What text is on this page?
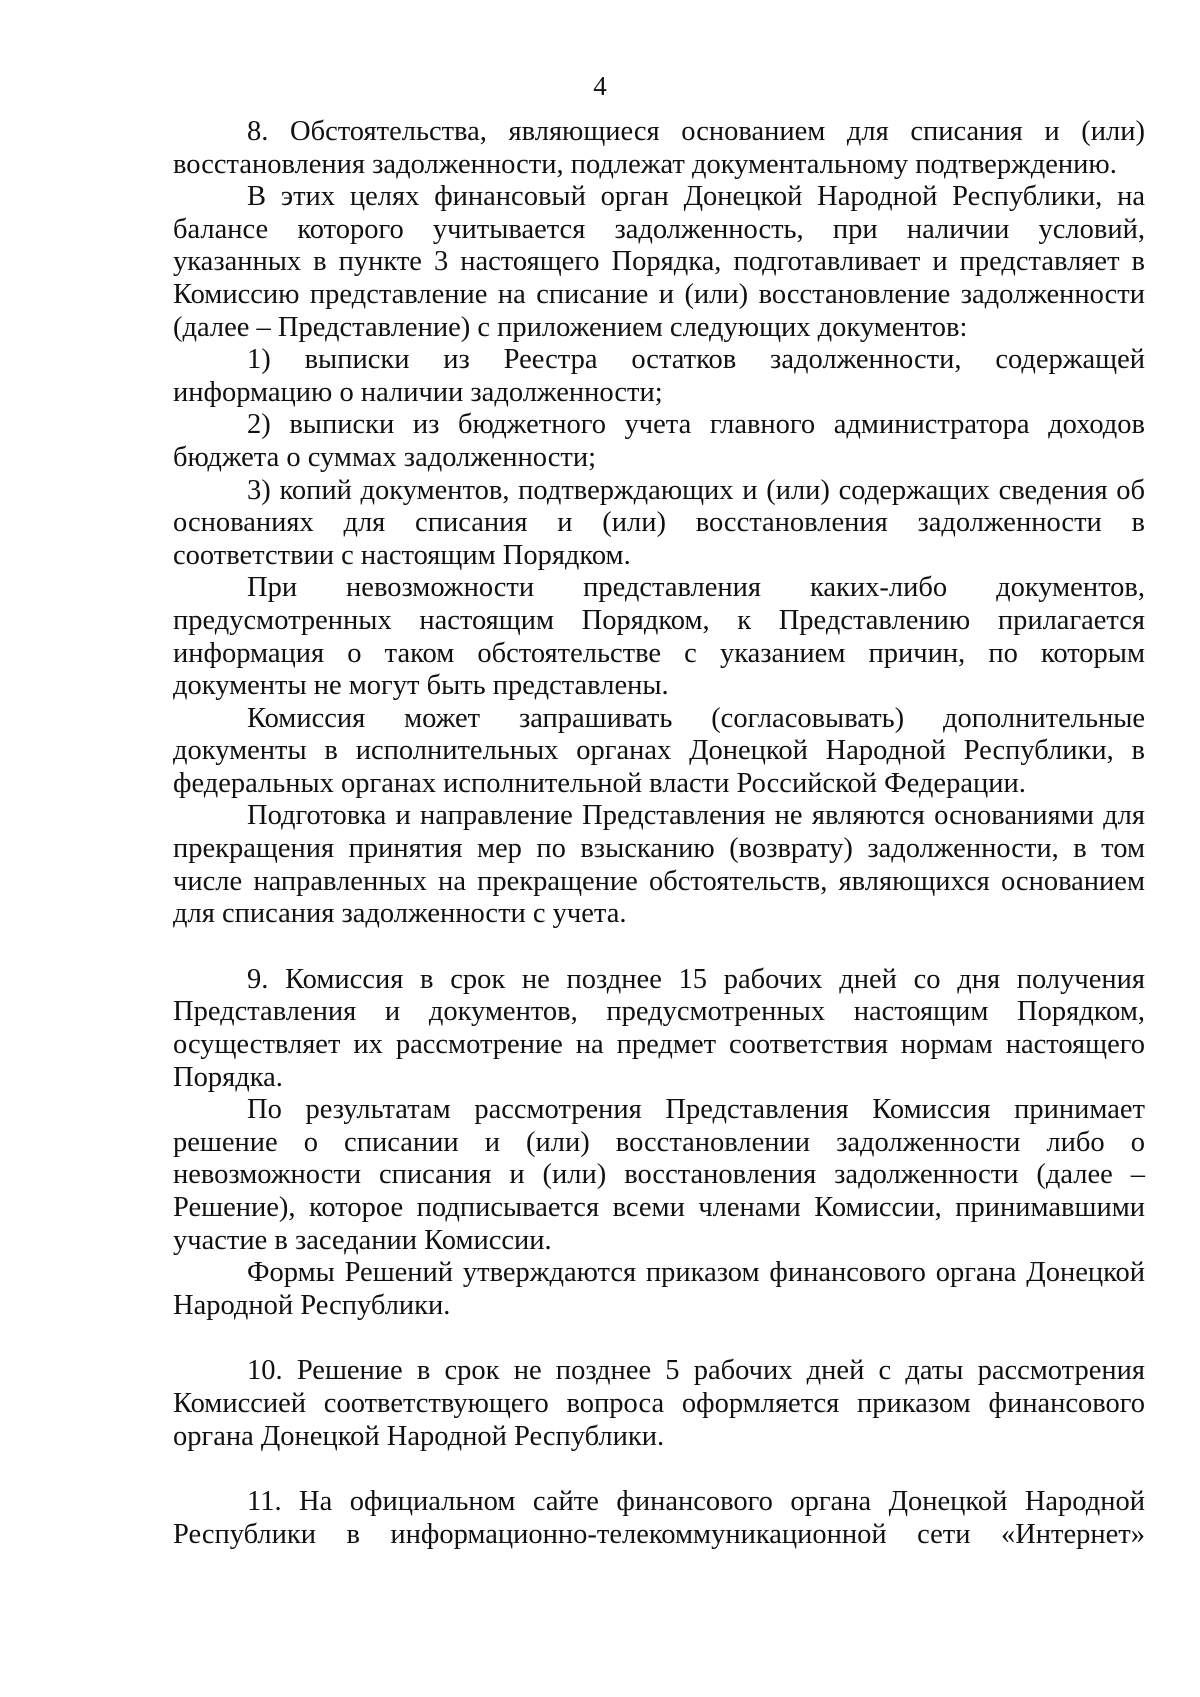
4

8. Обстоятельства, являющиеся основанием для списания и (или) восстановления задолженности, подлежат документальному подтверждению.

В этих целях финансовый орган Донецкой Народной Республики, на балансе которого учитывается задолженность, при наличии условий, указанных в пункте 3 настоящего Порядка, подготавливает и представляет в Комиссию представление на списание и (или) восстановление задолженности (далее – Представление) с приложением следующих документов:

1) выписки из Реестра остатков задолженности, содержащей информацию о наличии задолженности;

2) выписки из бюджетного учета главного администратора доходов бюджета о суммах задолженности;

3) копий документов, подтверждающих и (или) содержащих сведения об основаниях для списания и (или) восстановления задолженности в соответствии с настоящим Порядком.

При невозможности представления каких-либо документов, предусмотренных настоящим Порядком, к Представлению прилагается информация о таком обстоятельстве с указанием причин, по которым документы не могут быть представлены.

Комиссия может запрашивать (согласовывать) дополнительные документы в исполнительных органах Донецкой Народной Республики, в федеральных органах исполнительной власти Российской Федерации.

Подготовка и направление Представления не являются основаниями для прекращения принятия мер по взысканию (возврату) задолженности, в том числе направленных на прекращение обстоятельств, являющихся основанием для списания задолженности с учета.

9. Комиссия в срок не позднее 15 рабочих дней со дня получения Представления и документов, предусмотренных настоящим Порядком, осуществляет их рассмотрение на предмет соответствия нормам настоящего Порядка.

По результатам рассмотрения Представления Комиссия принимает решение о списании и (или) восстановлении задолженности либо о невозможности списания и (или) восстановления задолженности (далее – Решение), которое подписывается всеми членами Комиссии, принимавшими участие в заседании Комиссии.

Формы Решений утверждаются приказом финансового органа Донецкой Народной Республики.

10. Решение в срок не позднее 5 рабочих дней с даты рассмотрения Комиссией соответствующего вопроса оформляется приказом финансового органа Донецкой Народной Республики.

11. На официальном сайте финансового органа Донецкой Народной Республики в информационно-телекоммуникационной сети «Интернет»
